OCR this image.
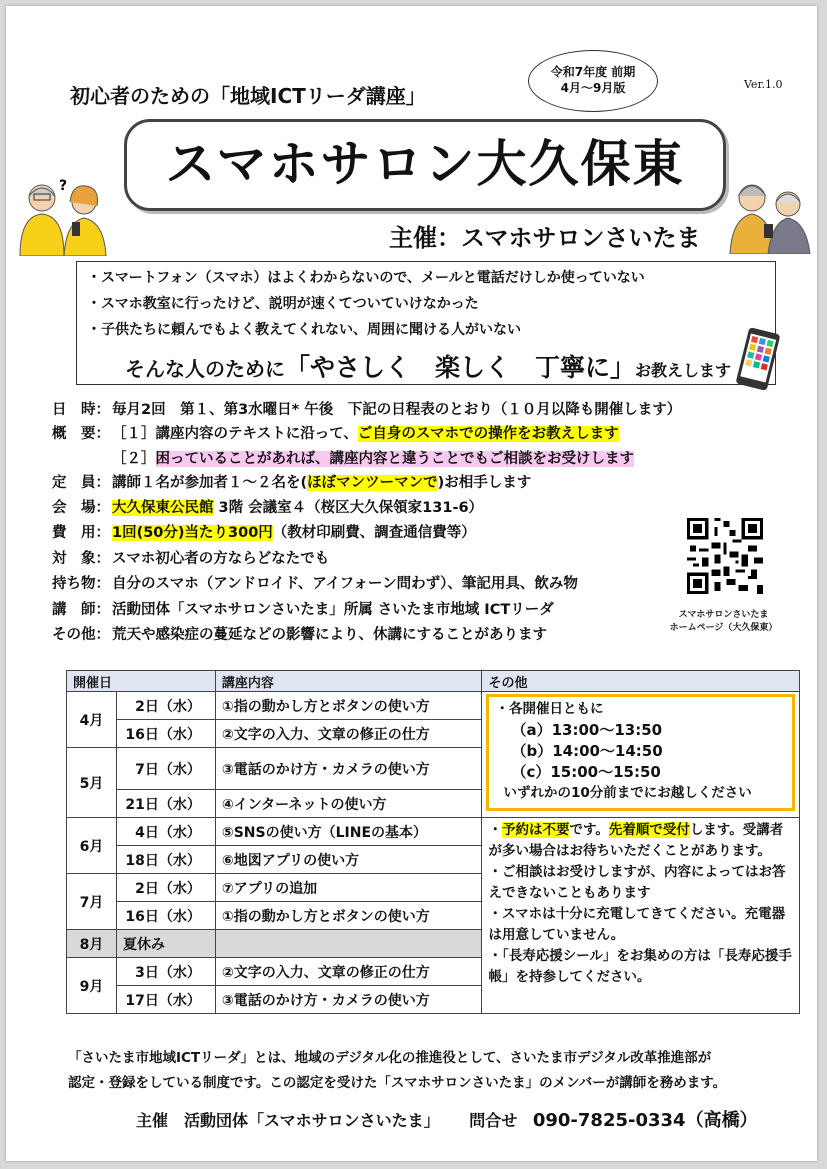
初心者のための「地域ICTリーダ講座」
令和7年度 前期
4月～9月版	Ver.1.0
?	スマホサロン大久保東
主催：スマホサロンさいたま
・スマートフォン（スマホ）はよくわからないので、メールと電話だけしか使っていない
・スマホ教室に行ったけど、説明が速くてついていけなかった
・子供たちに頼んでもよく教えてくれない、周囲に聞ける人がいない
そんな人のために「やさしく　楽しく　丁寧に」お教えします
日　時： 毎月2回　第１、第3水曜日* 午後　下記の日程表のとおり（１０月以降も開催します）
概　要： ［１］講座内容のテキストに沿って、ご自身のスマホでの操作をお教えします
［２］困っていることがあれば、講座内容と違うことでもご相談をお受けします
定　員： 講師１名が参加者１～２名を(ほぼマンツーマンで)お相手します
会　場： 大久保東公民館 3階 会議室４（桜区大久保領家131-6）
費　用： 1回(50分)当たり300円（教材印刷費、調査通信費等）
対　象： スマホ初心者の方ならどなたでも
持ち物： 自分のスマホ（アンドロイド、アイフォーン問わず）、筆記用具、飲み物
講　師： 活動団体「スマホサロンさいたま」所属 さいたま市地域 ICTリーダ
その他： 荒天や感染症の蔓延などの影響により、休講にすることがあります
スマホサロンさいたま
ホームページ（大久保東）
開催日		講座内容	その他
4月	2日（水）	①指の動かし方とボタンの使い方	・各開催日ともに
（a）13:00～13:50
（b）14:00～14:50
（c）15:00～15:50
いずれかの10分前までにお越しください

	16日（水）	②文字の入力、文章の修正の仕方	
5月	7日（水）	③電話のかけ方・カメラの使い方	
	21日（水）	④インターネットの使い方	
6月	4日（水）	⑤SNSの使い方（LINEの基本）	・予約は不要です。先着順で受付します。受講者が多い場合はお待ちいただくことがあります。
・ご相談はお受けしますが、内容によってはお答えできないこともあります
・スマホは十分に充電してきてください。充電器は用意していません。
・「長寿応援シール」をお集めの方は「長寿応援手帳」を持参してください。

	18日（水）	⑥地図アプリの使い方	
7月	2日（水）	⑦アプリの追加	
	16日（水）	①指の動かし方とボタンの使い方	
8月	夏休み		
9月	3日（水）	②文字の入力、文章の修正の仕方	
	17日（水）	③電話のかけ方・カメラの使い方	
「さいたま市地域ICTリーダ」とは、地域のデジタル化の推進役として、さいたま市デジタル改革推進部が
認定・登録をしている制度です。この認定を受けた「スマホサロンさいたま」のメンバーが講師を務めます。
主催　活動団体「スマホサロンさいたま」 問合せ 090-7825-0334（高橋）
